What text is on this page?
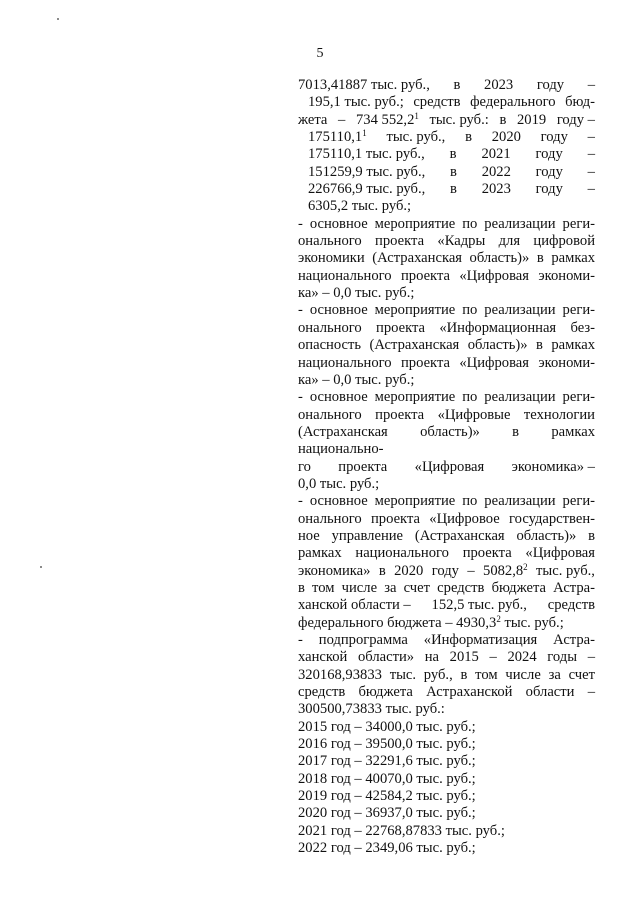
5
7013,41887 тыс. руб., в 2023 году –
195,1 тыс. руб.; средств федерального бюд-
жета – 734 552,2$^1$ тыс. руб.: в 2019 году –
175110,1$^1$ тыс. руб., в 2020 году –
175110,1 тыс. руб., в 2021 году –
151259,9 тыс. руб., в 2022 году –
226766,9 тыс. руб., в 2023 году –
6305,2 тыс. руб.;
- основное мероприятие по реализации реги-
онального проекта «Кадры для цифровой
экономики (Астраханская область)» в рамках
национального проекта «Цифровая экономи-
ка» – 0,0 тыс. руб.;
- основное мероприятие по реализации реги-
онального проекта «Информационная без-
опасность (Астраханская область)» в рамках
национального проекта «Цифровая экономи-
ка» – 0,0 тыс. руб.;
- основное мероприятие по реализации реги-
онального проекта «Цифровые технологии
(Астраханская область)» в рамках национально-
го проекта «Цифровая экономика» –
0,0 тыс. руб.;
- основное мероприятие по реализации реги-
онального проекта «Цифровое государствен-
ное управление (Астраханская область)» в
рамках национального проекта «Цифровая
экономика» в 2020 году – 5082,8$^2$ тыс. руб.,
в том числе за счет средств бюджета Астра-
ханской области – 152,5 тыс. руб., средств
федерального бюджета – 4930,3$^2$ тыс. руб.;
- подпрограмма «Информатизация Астра-
ханской области» на 2015 – 2024 годы –
320168,93833 тыс. руб., в том числе за счет
средств бюджета Астраханской области –
300500,73833 тыс. руб.:
2015 год – 34000,0 тыс. руб.;
2016 год – 39500,0 тыс. руб.;
2017 год – 32291,6 тыс. руб.;
2018 год – 40070,0 тыс. руб.;
2019 год – 42584,2 тыс. руб.;
2020 год – 36937,0 тыс. руб.;
2021 год – 22768,87833 тыс. руб.;
2022 год – 2349,06 тыс. руб.;
